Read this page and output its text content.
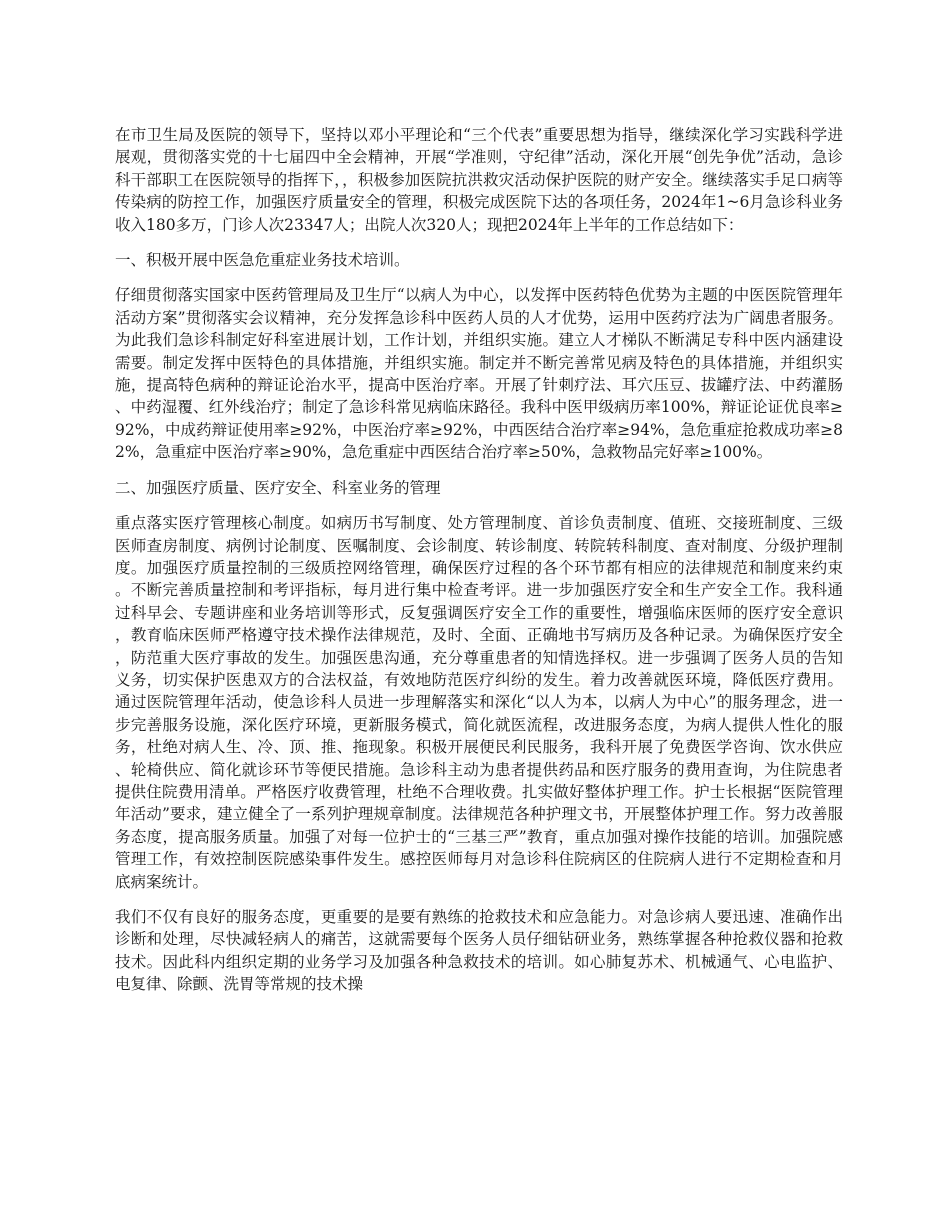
在市卫生局及医院的领导下，坚持以邓小平理论和“三个代表”重要思想为指导，继续深化学习实践科学进展观，贯彻落实党的十七届四中全会精神，开展“学准则，守纪律”活动，深化开展“创先争优”活动，急诊科干部职工在医院领导的指挥下，，积极参加医院抗洪救灾活动保护医院的财产安全。继续落实手足口病等传染病的防控工作，加强医疗质量安全的管理，积极完成医院下达的各项任务，2024年1~6月急诊科业务收入180多万，门诊人次23347人；出院人次320人；现把2024年上半年的工作总结如下：

一、积极开展中医急危重症业务技术培训。

仔细贯彻落实国家中医药管理局及卫生厅“以病人为中心，以发挥中医药特色优势为主题的中医医院管理年活动方案”贯彻落实会议精神，充分发挥急诊科中医药人员的人才优势，运用中医药疗法为广阔患者服务。为此我们急诊科制定好科室进展计划，工作计划，并组织实施。建立人才梯队不断满足专科中医内涵建设需要。制定发挥中医特色的具体措施，并组织实施。制定并不断完善常见病及特色的具体措施，并组织实施，提高特色病种的辩证论治水平，提高中医治疗率。开展了针刺疗法、耳穴压豆、拔罐疗法、中药灌肠、中药湿覆、红外线治疗；制定了急诊科常见病临床路径。我科中医甲级病历率100%，辩证论证优良率≥92%，中成药辩证使用率≥92%，中医治疗率≥92%，中西医结合治疗率≥94%，急危重症抢救成功率≥82%，急重症中医治疗率≥90%，急危重症中西医结合治疗率≥50%，急救物品完好率≥100%。

二、加强医疗质量、医疗安全、科室业务的管理

重点落实医疗管理核心制度。如病历书写制度、处方管理制度、首诊负责制度、值班、交接班制度、三级医师查房制度、病例讨论制度、医嘱制度、会诊制度、转诊制度、转院转科制度、查对制度、分级护理制度。加强医疗质量控制的三级质控网络管理，确保医疗过程的各个环节都有相应的法律规范和制度来约束。不断完善质量控制和考评指标，每月进行集中检查考评。进一步加强医疗安全和生产安全工作。我科通过科早会、专题讲座和业务培训等形式，反复强调医疗安全工作的重要性，增强临床医师的医疗安全意识，教育临床医师严格遵守技术操作法律规范，及时、全面、正确地书写病历及各种记录。为确保医疗安全，防范重大医疗事故的发生。加强医患沟通，充分尊重患者的知情选择权。进一步强调了医务人员的告知义务，切实保护医患双方的合法权益，有效地防范医疗纠纷的发生。着力改善就医环境，降低医疗费用。通过医院管理年活动，使急诊科人员进一步理解落实和深化“以人为本，以病人为中心”的服务理念，进一步完善服务设施，深化医疗环境，更新服务模式，简化就医流程，改进服务态度，为病人提供人性化的服务，杜绝对病人生、冷、顶、推、拖现象。积极开展便民利民服务，我科开展了免费医学咨询、饮水供应、轮椅供应、简化就诊环节等便民措施。急诊科主动为患者提供药品和医疗服务的费用查询，为住院患者提供住院费用清单。严格医疗收费管理，杜绝不合理收费。扎实做好整体护理工作。护士长根据“医院管理年活动”要求，建立健全了一系列护理规章制度。法律规范各种护理文书，开展整体护理工作。努力改善服务态度，提高服务质量。加强了对每一位护士的“三基三严”教育，重点加强对操作技能的培训。加强院感管理工作，有效控制医院感染事件发生。感控医师每月对急诊科住院病区的住院病人进行不定期检查和月底病案统计。

我们不仅有良好的服务态度，更重要的是要有熟练的抢救技术和应急能力。对急诊病人要迅速、准确作出诊断和处理，尽快减轻病人的痛苦，这就需要每个医务人员仔细钻研业务，熟练掌握各种抢救仪器和抢救技术。因此科内组织定期的业务学习及加强各种急救技术的培训。如心肺复苏术、机械通气、心电监护、电复律、除颤、洗胃等常规的技术操
